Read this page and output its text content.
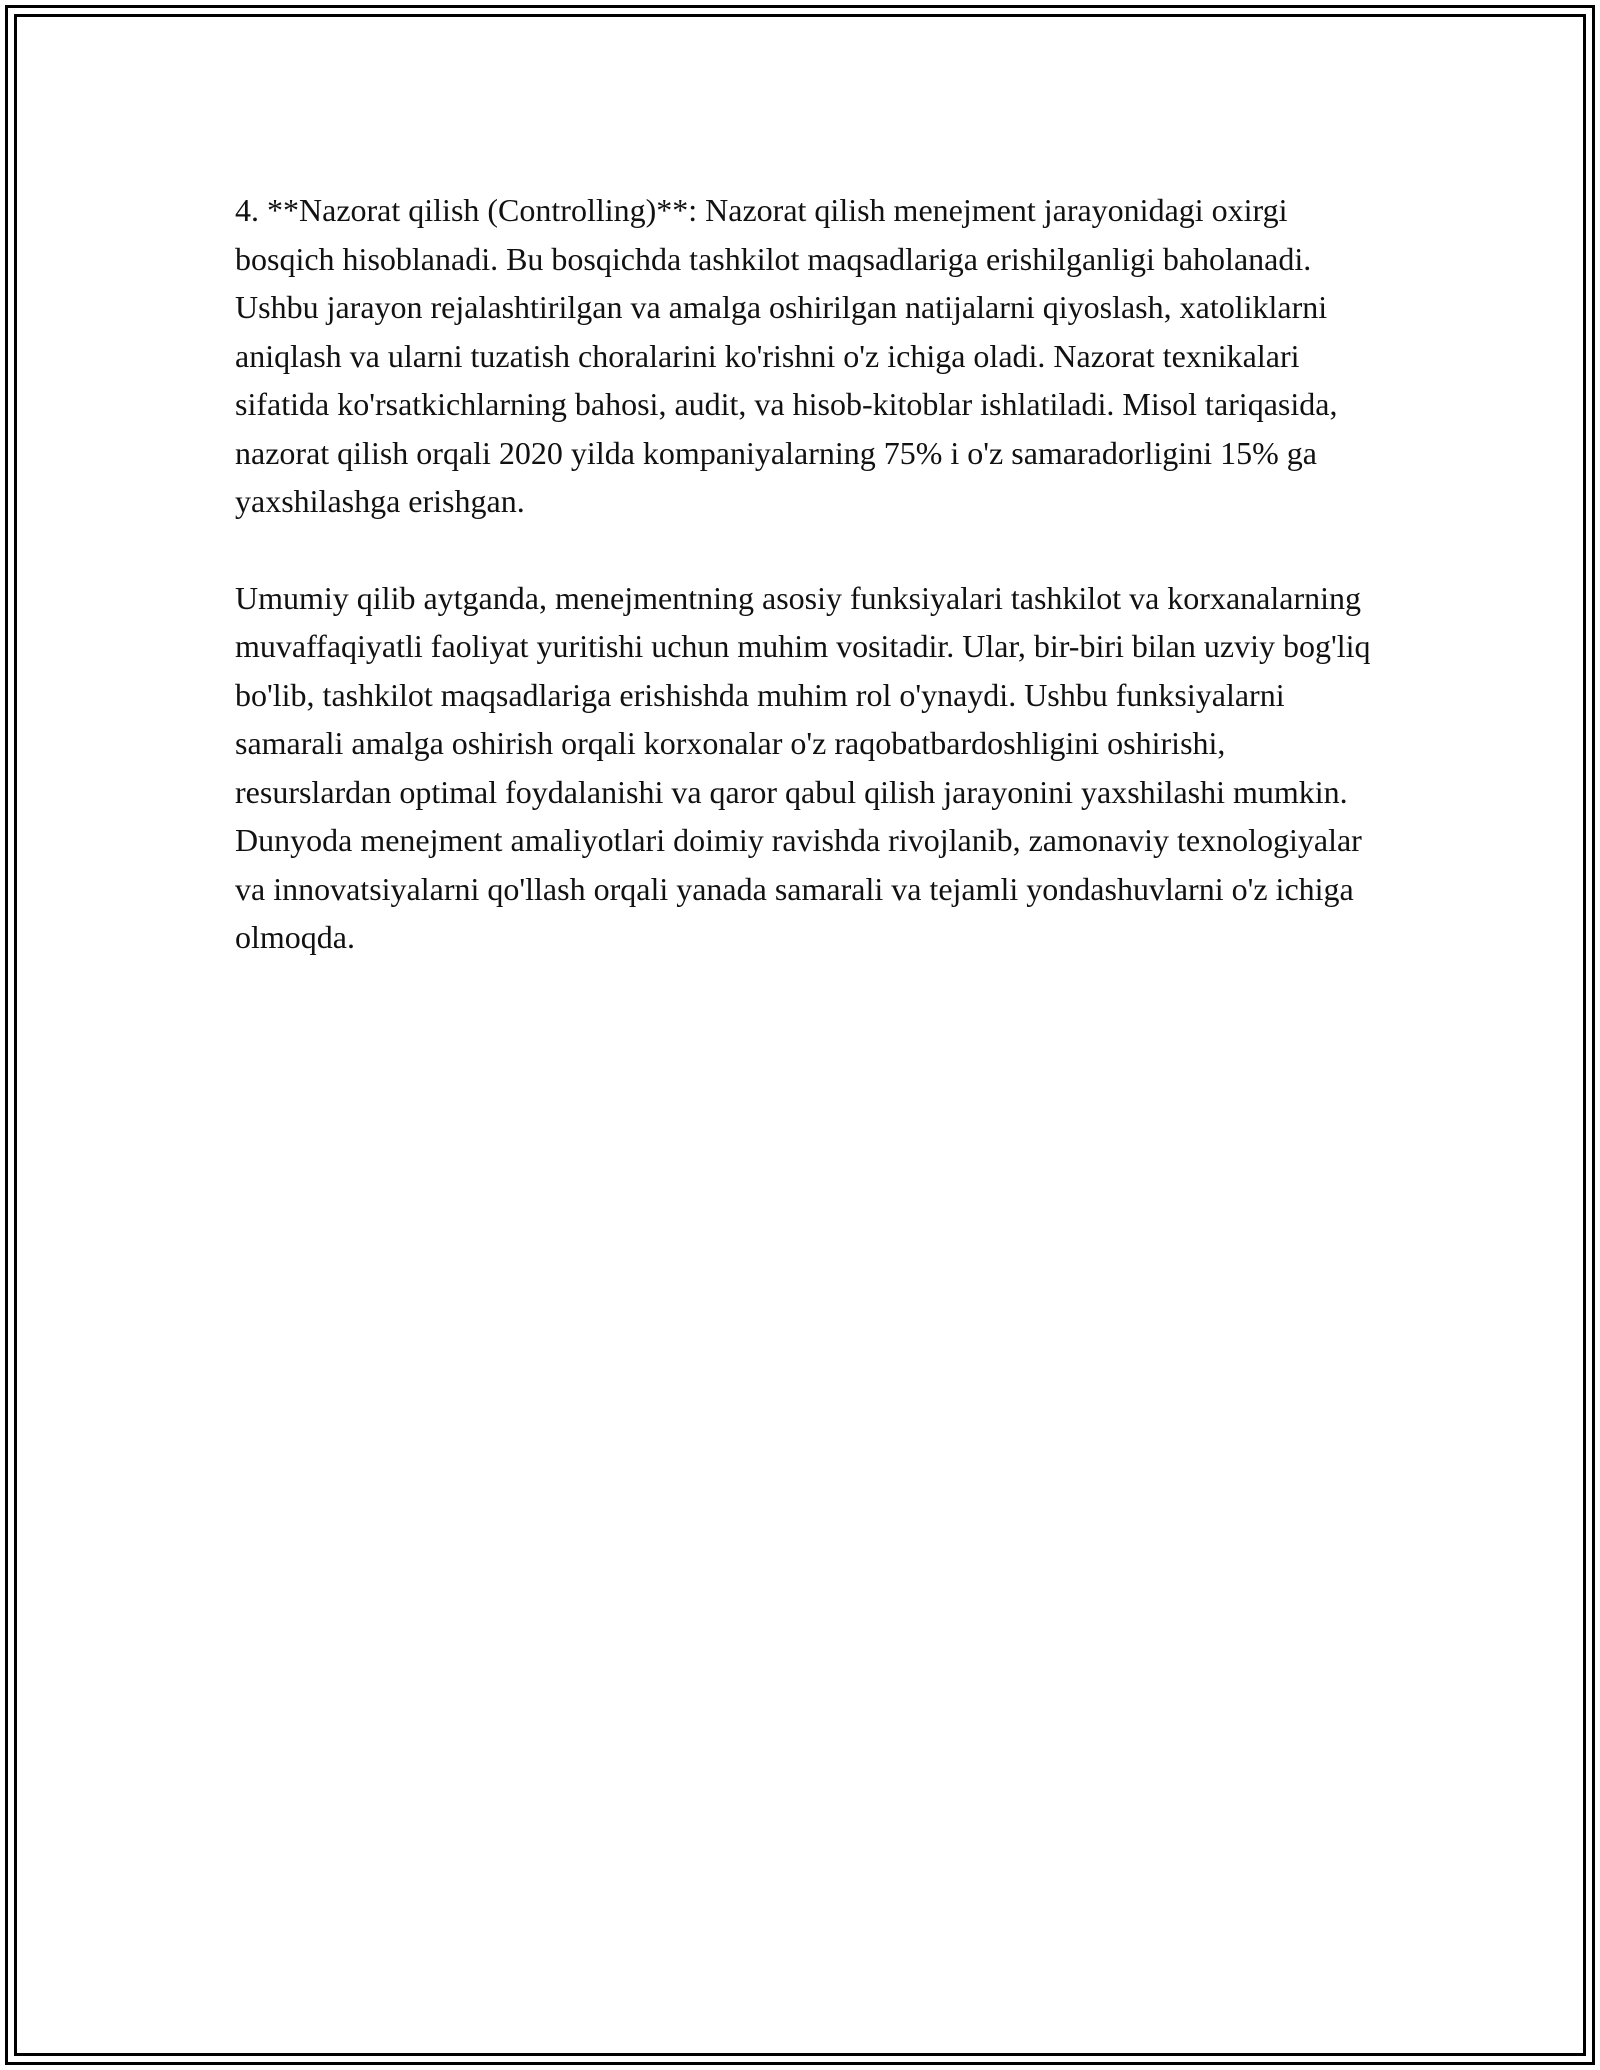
4. **Nazorat qilish (Controlling)**: Nazorat qilish menejment jarayonidagi oxirgi bosqich hisoblanadi. Bu bosqichda tashkilot maqsadlariga erishilganligi baholanadi. Ushbu jarayon rejalashtirilgan va amalga oshirilgan natijalarni qiyoslash, xatoliklarni aniqlash va ularni tuzatish choralarini ko'rishni o'z ichiga oladi. Nazorat texnikalari sifatida ko'rsatkichlarning bahosi, audit, va hisob-kitoblar ishlatiladi. Misol tariqasida, nazorat qilish orqali 2020 yilda kompaniyalarning 75% i o'z samaradorligini 15% ga yaxshilashga erishgan.

Umumiy qilib aytganda, menejmentning asosiy funksiyalari tashkilot va korxanalarning muvaffaqiyatli faoliyat yuritishi uchun muhim vositadir. Ular, bir-biri bilan uzviy bog'liq bo'lib, tashkilot maqsadlariga erishishda muhim rol o'ynaydi. Ushbu funksiyalarni samarali amalga oshirish orqali korxonalar o'z raqobatbardoshligini oshirishi, resurslardan optimal foydalanishi va qaror qabul qilish jarayonini yaxshilashi mumkin. Dunyoda menejment amaliyotlari doimiy ravishda rivojlanib, zamonaviy texnologiyalar va innovatsiyalarni qo'llash orqali yanada samarali va tejamli yondashuvlarni o'z ichiga olmoqda.
